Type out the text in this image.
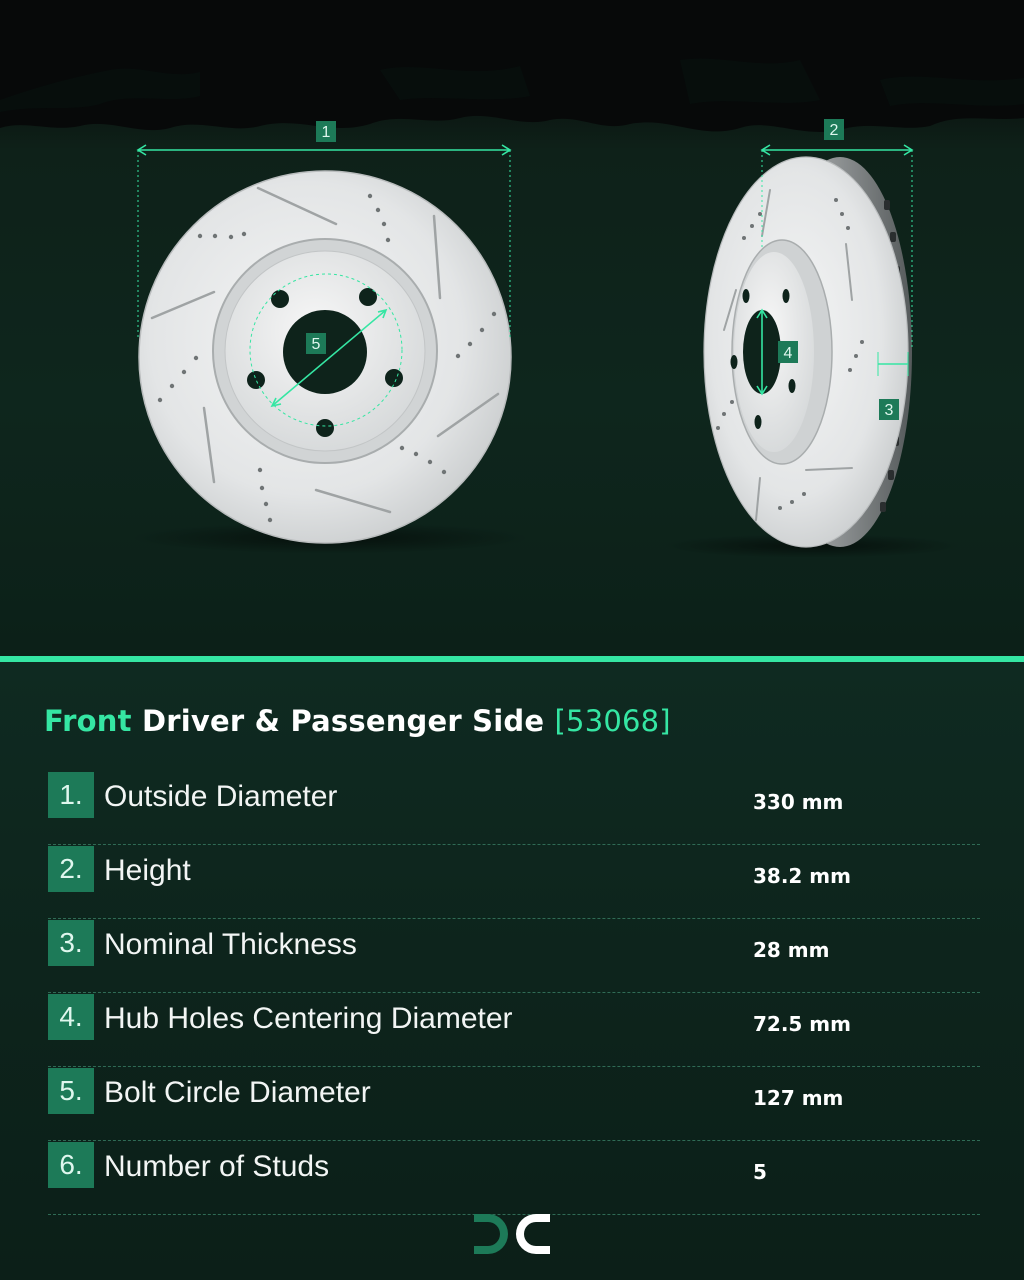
1	2
3
4
5
Front Driver & Passenger Side [53068]
1. Outside Diameter	330 mm
2. Height	38.2 mm
3. Nominal Thickness	28 mm
4. Hub Holes Centering Diameter	72.5 mm
5. Bolt Circle Diameter	127 mm
6. Number of Studs	5
